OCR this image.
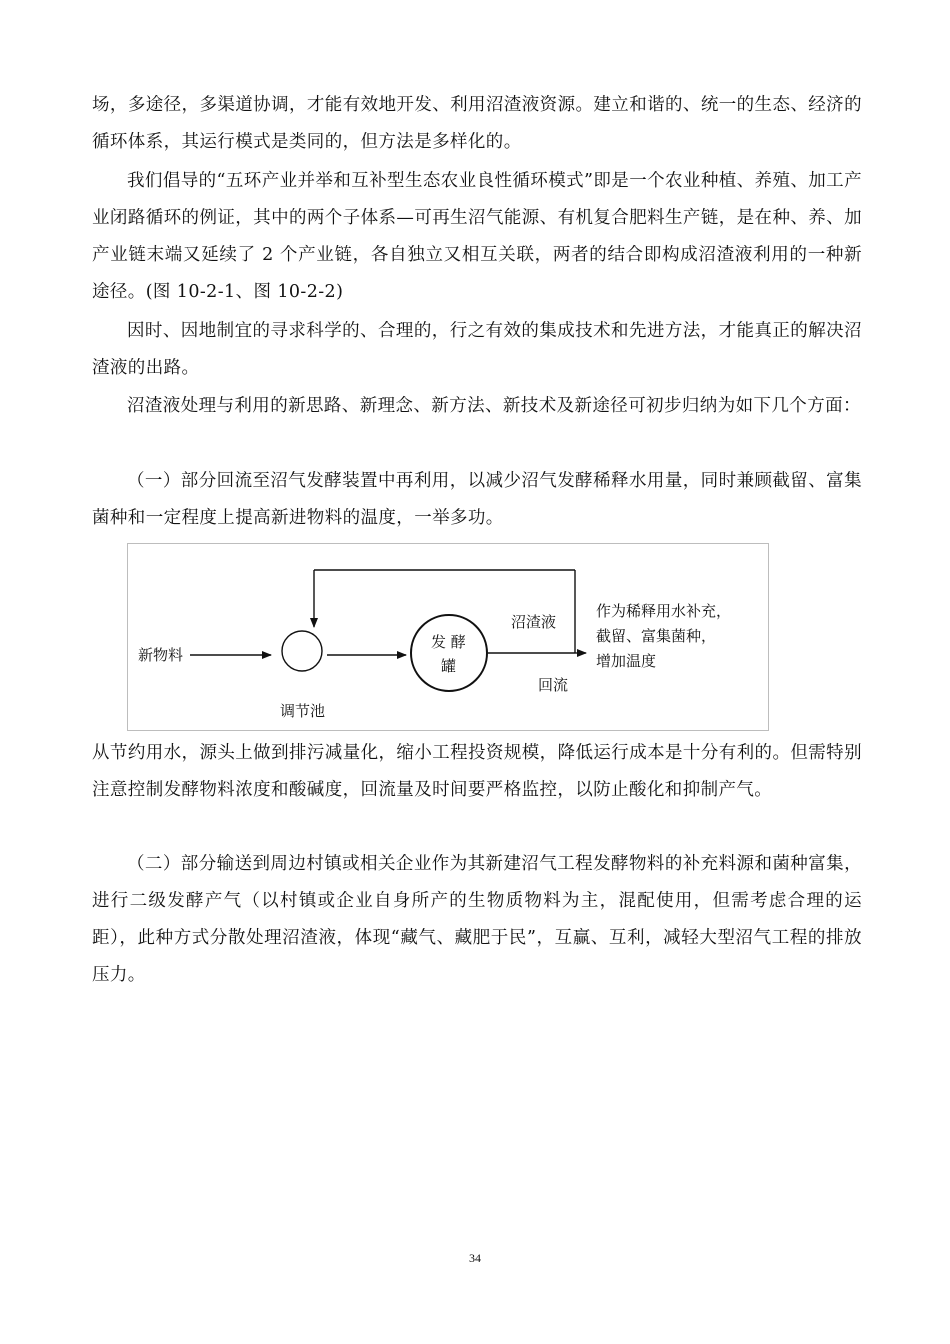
场，多途径，多渠道协调，才能有效地开发、利用沼渣液资源。建立和谐的、统一的生态、经济的循环体系，其运行模式是类同的，但方法是多样化的。

我们倡导的“五环产业并举和互补型生态农业良性循环模式”即是一个农业种植、养殖、加工产业闭路循环的例证，其中的两个子体系—可再生沼气能源、有机复合肥料生产链，是在种、养、加产业链末端又延续了 2 个产业链，各自独立又相互关联，两者的结合即构成沼渣液利用的一种新途径。(图 10-2-1、图 10-2-2)

因时、因地制宜的寻求科学的、合理的，行之有效的集成技术和先进方法，才能真正的解决沼渣液的出路。

沼渣液处理与利用的新思路、新理念、新方法、新技术及新途径可初步归纳为如下几个方面：

（一）部分回流至沼气发酵装置中再利用，以减少沼气发酵稀释水用量，同时兼顾截留、富集菌种和一定程度上提高新进物料的温度，一举多功。

新物料
调节池
发 酵
罐
沼渣液
回流
作为稀释用水补充，
截留、富集菌种，
增加温度

从节约用水，源头上做到排污减量化，缩小工程投资规模，降低运行成本是十分有利的。但需特别注意控制发酵物料浓度和酸碱度，回流量及时间要严格监控，以防止酸化和抑制产气。

（二）部分输送到周边村镇或相关企业作为其新建沼气工程发酵物料的补充料源和菌种富集，进行二级发酵产气（以村镇或企业自身所产的生物质物料为主，混配使用，但需考虑合理的运距），此种方式分散处理沼渣液，体现“藏气、藏肥于民”，互赢、互利，减轻大型沼气工程的排放压力。

34
